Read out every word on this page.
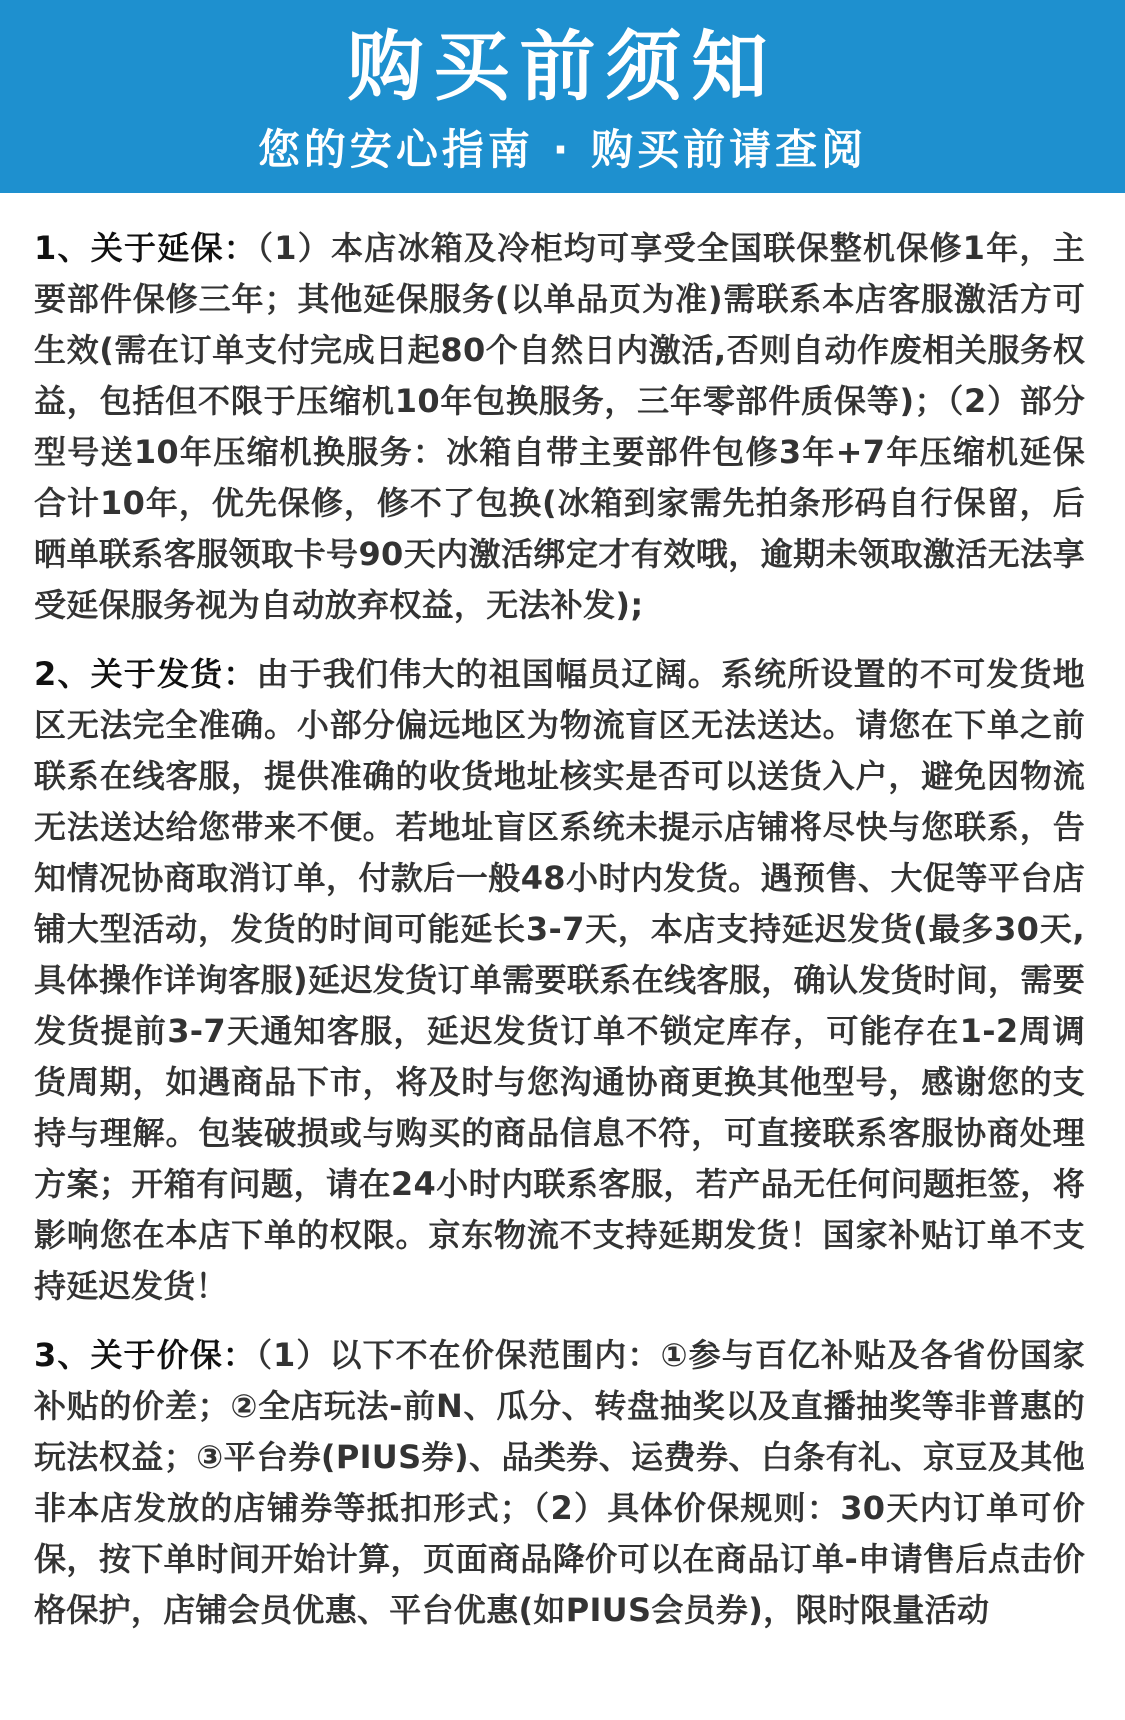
购买前须知
您的安心指南 · 购买前请查阅
1、关于延保：（1）本店冰箱及冷柜均可享受全国联保整机保修1年，主要部件保修三年；其他延保服务(以单品页为准)需联系本店客服激活方可生效(需在订单支付完成日起80个自然日内激活,否则自动作废相关服务权益，包括但不限于压缩机10年包换服务，三年零部件质保等)；（2）部分型号送10年压缩机换服务：冰箱自带主要部件包修3年+7年压缩机延保合计10年，优先保修，修不了包换(冰箱到家需先拍条形码自行保留，后晒单联系客服领取卡号90天内激活绑定才有效哦，逾期未领取激活无法享受延保服务视为自动放弃权益，无法补发);
2、关于发货：由于我们伟大的祖国幅员辽阔。系统所设置的不可发货地区无法完全准确。小部分偏远地区为物流盲区无法送达。请您在下单之前联系在线客服，提供准确的收货地址核实是否可以送货入户，避免因物流无法送达给您带来不便。若地址盲区系统未提示店铺将尽快与您联系，告知情况协商取消订单，付款后一般48小时内发货。遇预售、大促等平台店铺大型活动，发货的时间可能延长3-7天，本店支持延迟发货(最多30天,具体操作详询客服)延迟发货订单需要联系在线客服，确认发货时间，需要发货提前3-7天通知客服，延迟发货订单不锁定库存，可能存在1-2周调货周期，如遇商品下市，将及时与您沟通协商更换其他型号，感谢您的支持与理解。包装破损或与购买的商品信息不符，可直接联系客服协商处理方案；开箱有问题，请在24小时内联系客服，若产品无任何问题拒签，将影响您在本店下单的权限。京东物流不支持延期发货！国家补贴订单不支持延迟发货！
3、关于价保：（1）以下不在价保范围内：①参与百亿补贴及各省份国家补贴的价差；②全店玩法-前N、瓜分、转盘抽奖以及直播抽奖等非普惠的玩法权益；③平台券(PIUS券)、品类券、运费券、白条有礼、京豆及其他非本店发放的店铺券等抵扣形式；（2）具体价保规则：30天内订单可价保，按下单时间开始计算，页面商品降价可以在商品订单-申请售后点击价格保护，店铺会员优惠、平台优惠(如PIUS会员券)，限时限量活动
